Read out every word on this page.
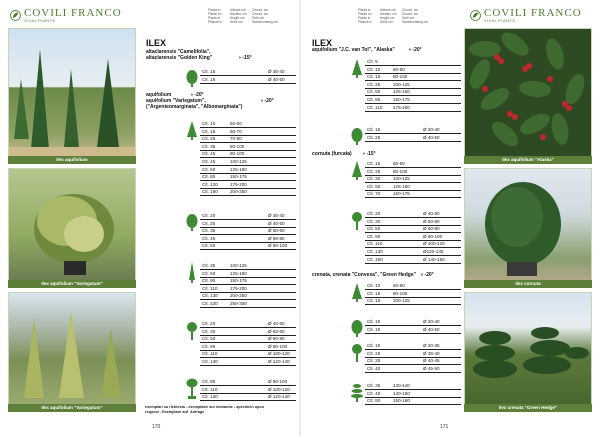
COVILI FRANCO
VIVAI-PIANTE
Planta in
Plante en
Plants in
Pflanze in
Altezza cm
Hauteur cm
Height cm
Höhe cm
Circonf. cm
Circonf. cm
Girth cm
Stammumfang cm
Ilex aquifolium
Ilex aquifolium "Variegatum"
Ilex aquifolium "Variegatum"
ILEX
altaclarensis "Camelifolia",
altaclarensis "Golden King"	◑ -15°
Clt. 15	Ø 30-40
Clt. 18	Ø 40-50
aquifolium	◑ -20°
aquifolium "Variegatum",
("Argenteomarginata", "Albomarginata")
◑ -20°
Clt. 10	50-60
Clt. 18	60-70
Clt. 25	70-80
Clt. 35	80-100
Clt. 45	80-100
Clt. 45	100-125
Clt. 50	125-150
Clt. 85	150-175
Clt. 120	175-200
Clt. 160	200-250
Clt. 20	Ø 30-40
Clt. 25	Ø 40-50
Clt. 35	Ø 50-60
Clt. 45	Ø 60-80
Clt. 50	Ø 80-100
Clt. 35	100-125
Clt. 50	125-150
Clt. 90	150-175
Clt. 110	175-200
Clt. 130	200-250
Clt. 220	250-300
Clt. 20	Ø 40-50
Clt. 30	Ø 50-60
Clt. 50	Ø 60-80
Clt. 85	Ø 80-100
Clt. 110	Ø 100-120
Clt. 130	Ø 120-140
Clt. 85	Ø 80-100
Clt. 110	Ø 100-120
Clt. 130	Ø 120-140
esemplari su richiesta - exemplaire sur demande - specimen upon
request - Exemplare auf  Anfrage
170
Planta in
Plante en
Plants in
Pflanze in
Altezza cm
Hauteur cm
Height cm
Höhe cm
Circonf. cm
Circonf. cm
Girth cm
Stammumfang cm
COVILI FRANCO
VIVAI-PIANTE
Ilex aquifolium "Alaska"
Ilex cornuta
Ilex crenata "Green Hedge"
ILEX
aquifolium "J.C. van Tol", "Alaska"	◑ -20°
Clt. 5
Clt. 10	60-80
Clt. 18	80-100
Clt. 25	100-125
Clt. 50	125-150
Clt. 85	150-175
Clt. 110 175-200
Clt. 15	Ø 30-40
Clt. 25	Ø 40-50
cornuta (furcata) ◑ -15°
Clt. 18	60-80
Clt. 25	80-100
Clt. 30	100-125
Clt. 50	125-150
Clt. 70	150-175
Clt. 20	Ø 40-50
Clt. 30	Ø 50-60
Clt. 50	Ø 60-80
Clt. 90	Ø 80-100
Clt. 110	Ø 100-120
Clt. 130	Ø120-140
Clt. 150	Ø 140-160
crenata, crenata "Convexa", "Green Hedge" ◑ -20°
Clt. 10	60-80
Clt. 15	80-100
Clt. 18	100-125
Clt. 18	Ø 30-40
Clt. 18	Ø 40-50
Clt. 18	Ø 30-35
Clt. 25	Ø 35-40
Clt. 35	Ø 40-45
Clt. 40	Ø 45-50
Clt. 35	130-140
Clt. 40	140-150
Clt. 50	150-160
171
